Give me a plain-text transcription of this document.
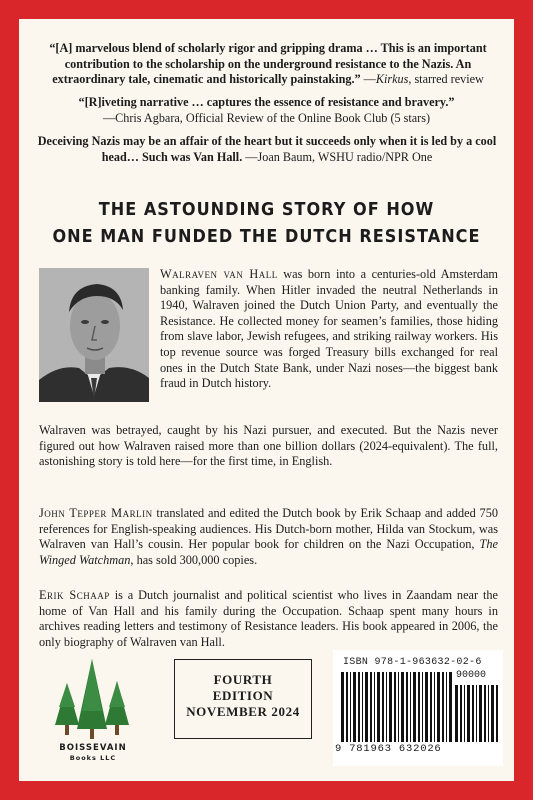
“[A] marvelous blend of scholarly rigor and gripping drama … This is an important contribution to the scholarship on the underground resistance to the Nazis. An extraordinary tale, cinematic and historically painstaking.” —Kirkus, starred review
“[R]iveting narrative … captures the essence of resistance and bravery.”
—Chris Agbara, Official Review of the Online Book Club (5 stars)
Deceiving Nazis may be an affair of the heart but it succeeds only when it is led by a cool head… Such was Van Hall. —Joan Baum, WSHU radio/NPR One
THE ASTOUNDING STORY OF HOW
ONE MAN FUNDED THE DUTCH RESISTANCE
Walraven van Hall was born into a centuries-old Amsterdam banking family. When Hitler invaded the neutral Netherlands in 1940, Walraven joined the Dutch Union Party, and eventually the Resistance. He collected money for seamen’s families, those hiding from slave labor, Jewish refugees, and striking railway workers. His top revenue source was forged Treasury bills exchanged for real ones in the Dutch State Bank, under Nazi noses—the biggest bank fraud in Dutch history.
Walraven was betrayed, caught by his Nazi pursuer, and executed. But the Nazis never figured out how Walraven raised more than one billion dollars (2024-equivalent). The full, astonishing story is told here—for the first time, in English.
John Tepper Marlin translated and edited the Dutch book by Erik Schaap and added 750 references for English-speaking audiences. His Dutch-born mother, Hilda van Stockum, was Walraven van Hall’s cousin. Her popular book for children on the Nazi Occupation, The Winged Watchman, has sold 300,000 copies.
Erik Schaap is a Dutch journalist and political scientist who lives in Zaandam near the home of Van Hall and his family during the Occupation. Schaap spent many hours in archives reading letters and testimony of Resistance leaders. His book appeared in 2006, the only biography of Walraven van Hall.
BOISSEVAIN
Books LLC
FOURTH
EDITION
NOVEMBER 2024
ISBN 978-1-963632-02-6
90000
9 781963 632026
